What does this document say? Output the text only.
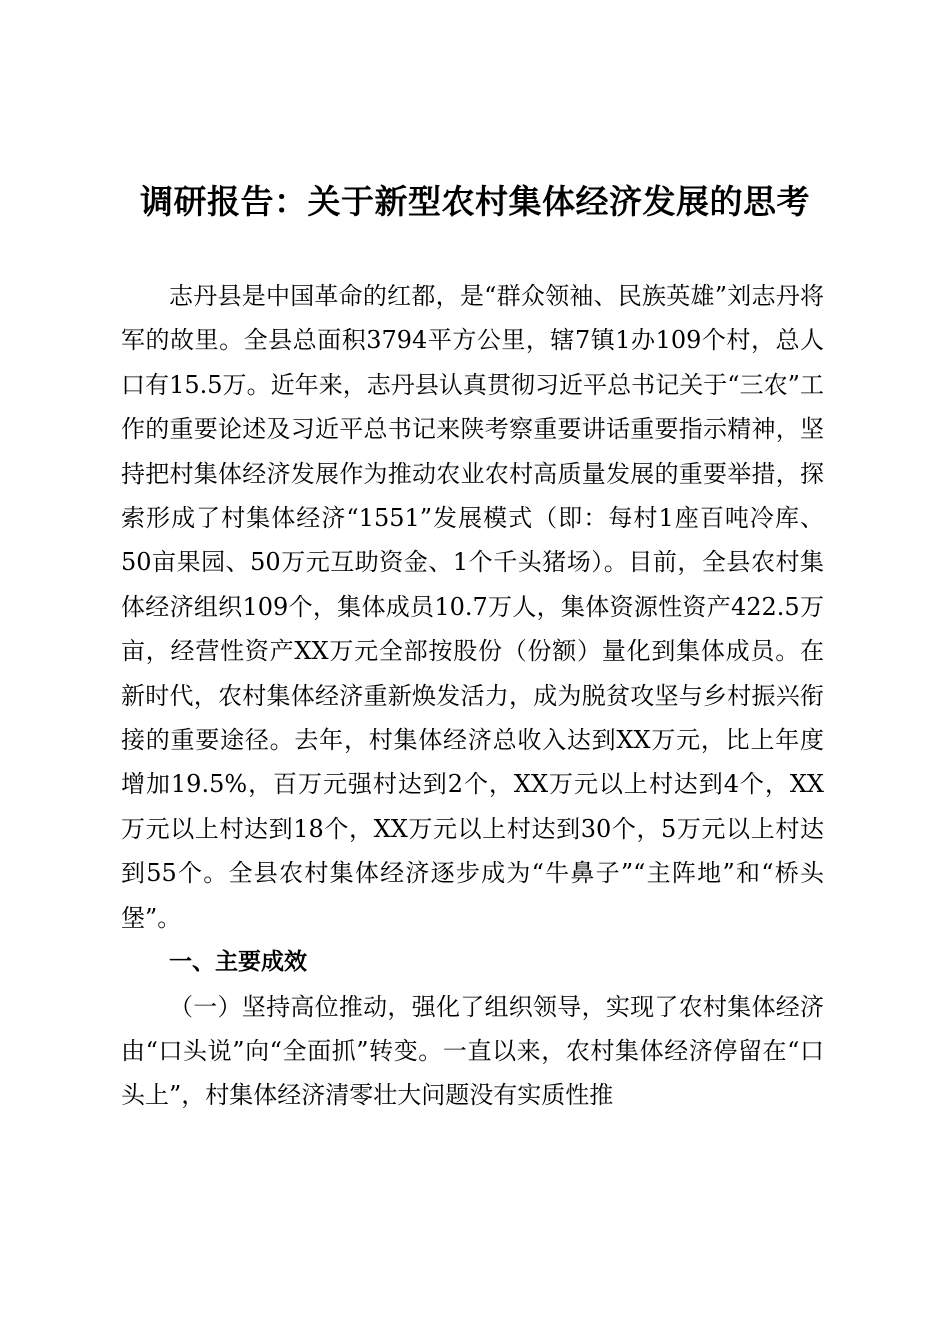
调研报告：关于新型农村集体经济发展的思考

志丹县是中国革命的红都，是“群众领袖、民族英雄”刘志丹将军的故里。全县总面积3794平方公里，辖7镇1办109个村，总人口有15.5万。近年来，志丹县认真贯彻习近平总书记关于“三农”工作的重要论述及习近平总书记来陕考察重要讲话重要指示精神，坚持把村集体经济发展作为推动农业农村高质量发展的重要举措，探索形成了村集体经济“1551”发展模式（即：每村1座百吨冷库、50亩果园、50万元互助资金、1个千头猪场）。目前，全县农村集体经济组织109个，集体成员10.7万人，集体资源性资产422.5万亩，经营性资产XX万元全部按股份（份额）量化到集体成员。在新时代，农村集体经济重新焕发活力，成为脱贫攻坚与乡村振兴衔接的重要途径。去年，村集体经济总收入达到XX万元，比上年度增加19.5%，百万元强村达到2个，XX万元以上村达到4个，XX万元以上村达到18个，XX万元以上村达到30个，5万元以上村达到55个。全县农村集体经济逐步成为“牛鼻子”“主阵地”和“桥头堡”。

一、主要成效

（一）坚持高位推动，强化了组织领导，实现了农村集体经济由“口头说”向“全面抓”转变。一直以来，农村集体经济停留在“口头上”，村集体经济清零壮大问题没有实质性推
